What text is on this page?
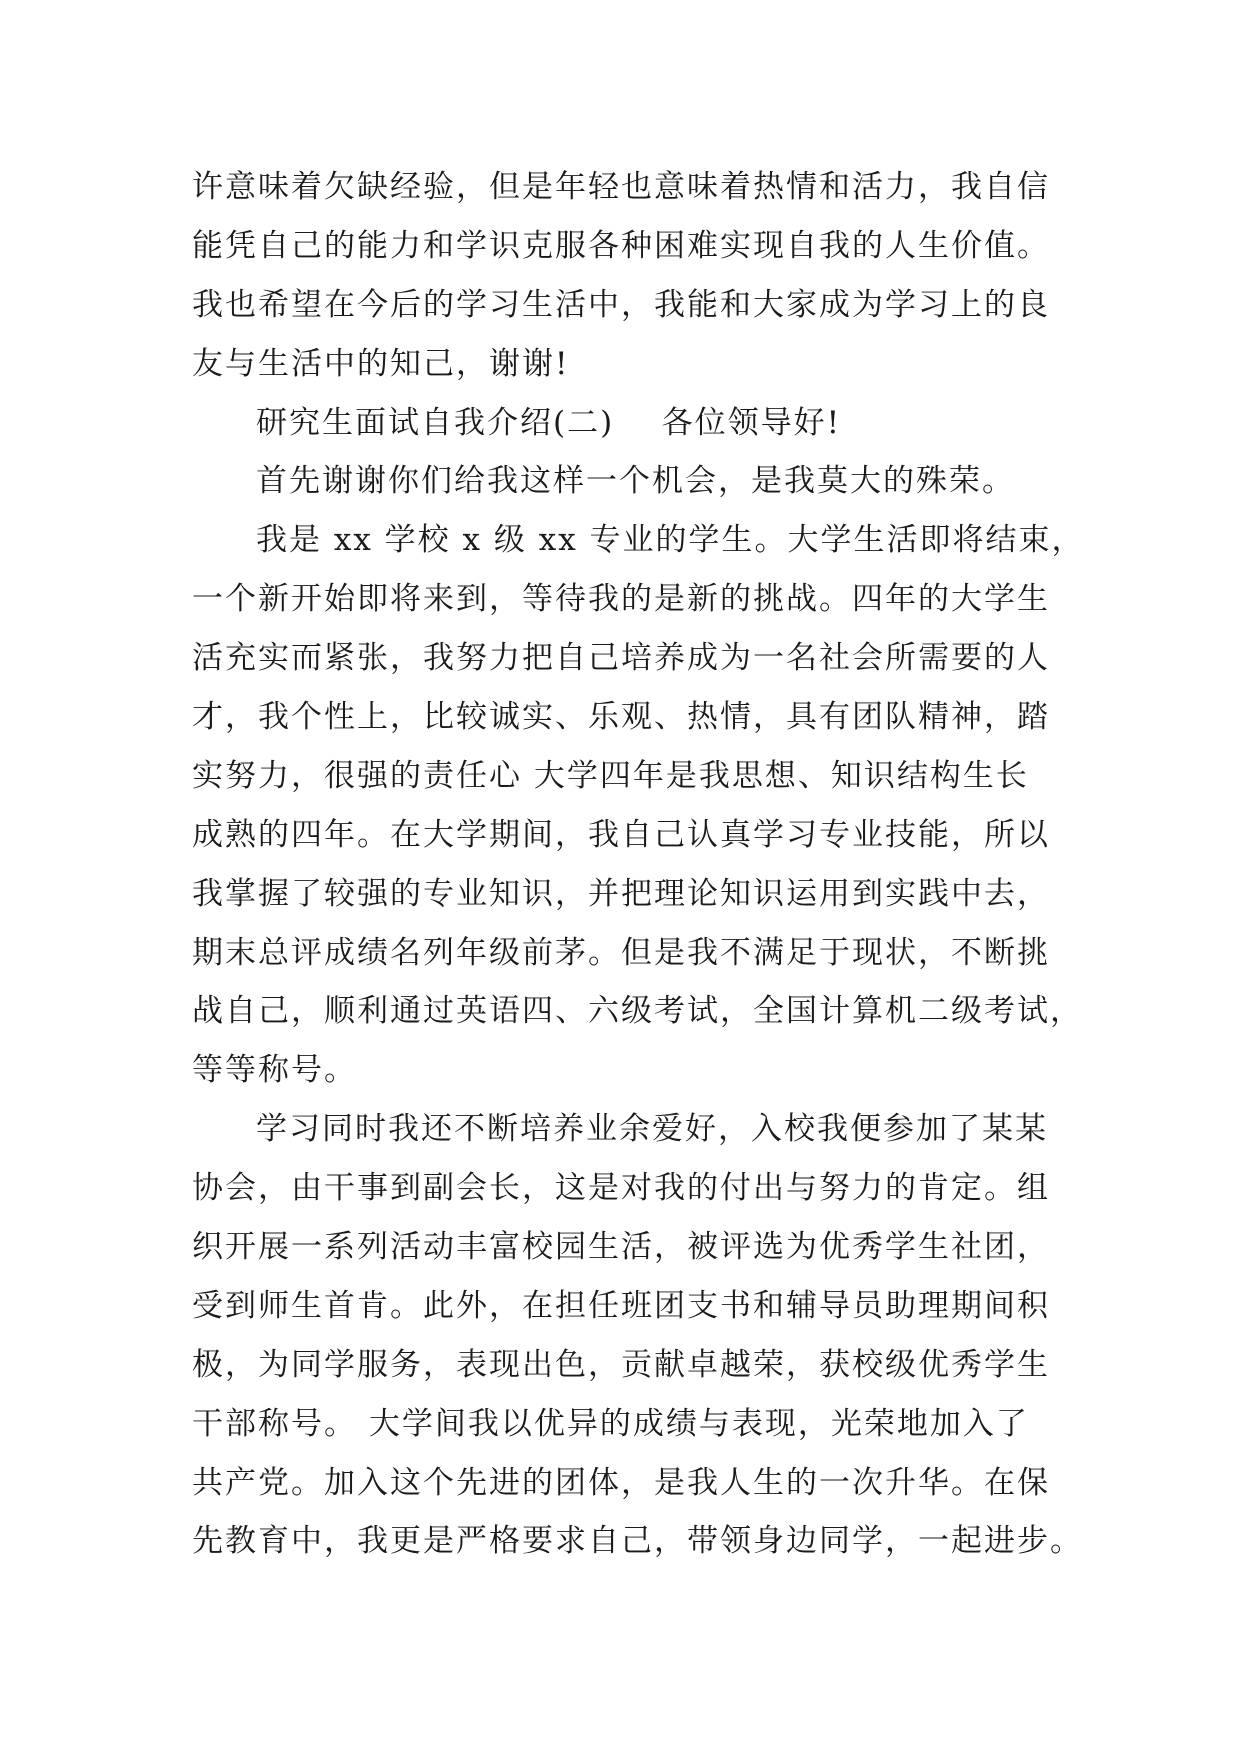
许意味着欠缺经验，但是年轻也意味着热情和活力，我自信
能凭自己的能力和学识克服各种困难实现自我的人生价值。
我也希望在今后的学习生活中，我能和大家成为学习上的良
友与生活中的知己，谢谢!
研究生面试自我介绍(二)    各位领导好!
首先谢谢你们给我这样一个机会，是我莫大的殊荣。
我是 xx 学校 x 级 xx 专业的学生。大学生活即将结束，
一个新开始即将来到，等待我的是新的挑战。四年的大学生
活充实而紧张，我努力把自己培养成为一名社会所需要的人
才，我个性上，比较诚实、乐观、热情，具有团队精神，踏
实努力，很强的责任心 大学四年是我思想、知识结构生长
成熟的四年。在大学期间，我自己认真学习专业技能，所以
我掌握了较强的专业知识，并把理论知识运用到实践中去，
期末总评成绩名列年级前茅。但是我不满足于现状，不断挑
战自己，顺利通过英语四、六级考试，全国计算机二级考试，
等等称号。
学习同时我还不断培养业余爱好，入校我便参加了某某
协会，由干事到副会长，这是对我的付出与努力的肯定。组
织开展一系列活动丰富校园生活，被评选为优秀学生社团，
受到师生首肯。此外，在担任班团支书和辅导员助理期间积
极，为同学服务，表现出色，贡献卓越荣，获校级优秀学生
干部称号。 大学间我以优异的成绩与表现，光荣地加入了
共产党。加入这个先进的团体，是我人生的一次升华。在保
先教育中，我更是严格要求自己，带领身边同学，一起进步。
